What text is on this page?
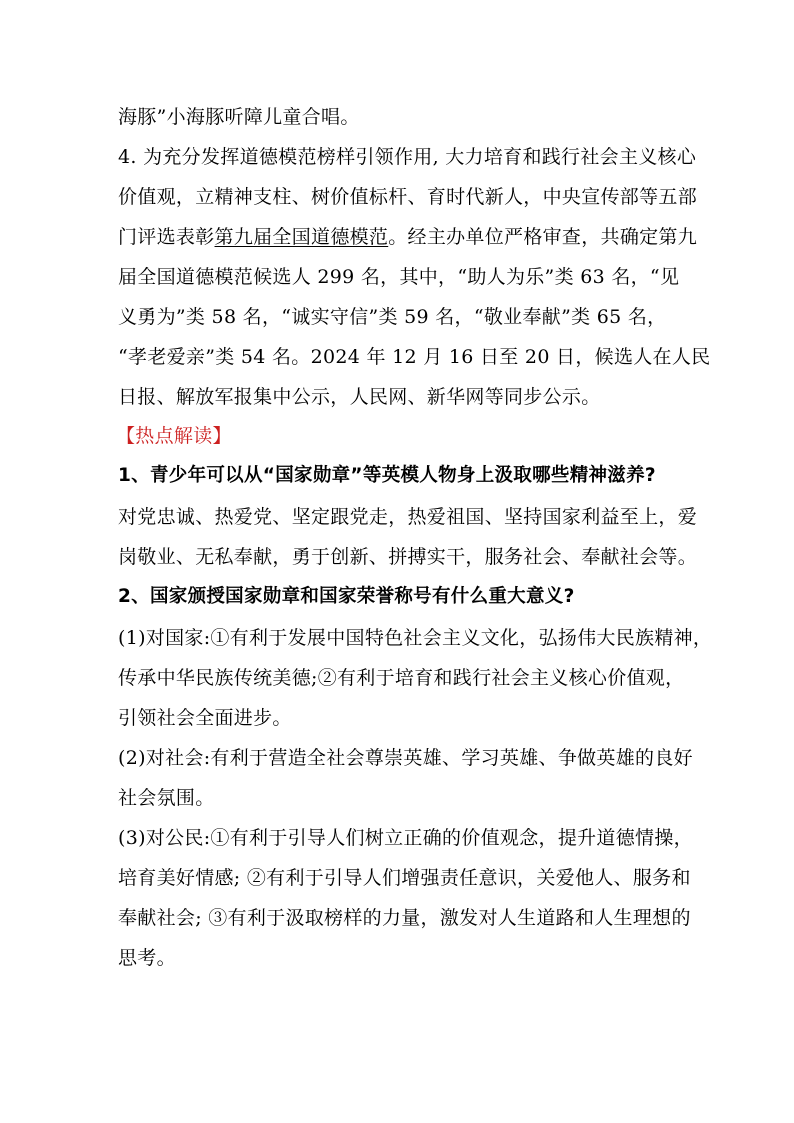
海豚”小海豚听障儿童合唱。
4. 为充分发挥道德模范榜样引领作用, 大力培育和践行社会主义核心
价值观，立精神支柱、树价值标杆、育时代新人，中央宣传部等五部
门评选表彰第九届全国道德模范。经主办单位严格审查，共确定第九
届全国道德模范候选人 299 名，其中，“助人为乐”类 63 名，“见
义勇为”类 58 名，“诚实守信”类 59 名，“敬业奉献”类 65 名，
“孝老爱亲”类 54 名。2024 年 12 月 16 日至 20 日，候选人在人民
日报、解放军报集中公示，人民网、新华网等同步公示。
【热点解读】
1、青少年可以从“国家勋章”等英模人物身上汲取哪些精神滋养?
对党忠诚、热爱党、坚定跟党走，热爱祖国、坚持国家利益至上，爱
岗敬业、无私奉献，勇于创新、拼搏实干，服务社会、奉献社会等。
2、国家颁授国家勋章和国家荣誉称号有什么重大意义?
(1)对国家:①有利于发展中国特色社会主义文化，弘扬伟大民族精神，
传承中华民族传统美德;②有利于培育和践行社会主义核心价值观，
引领社会全面进步。
(2)对社会:有利于营造全社会尊崇英雄、学习英雄、争做英雄的良好
社会氛围。
(3)对公民:①有利于引导人们树立正确的价值观念，提升道德情操，
培育美好情感; ②有利于引导人们增强责任意识，关爱他人、服务和
奉献社会; ③有利于汲取榜样的力量，激发对人生道路和人生理想的
思考。
